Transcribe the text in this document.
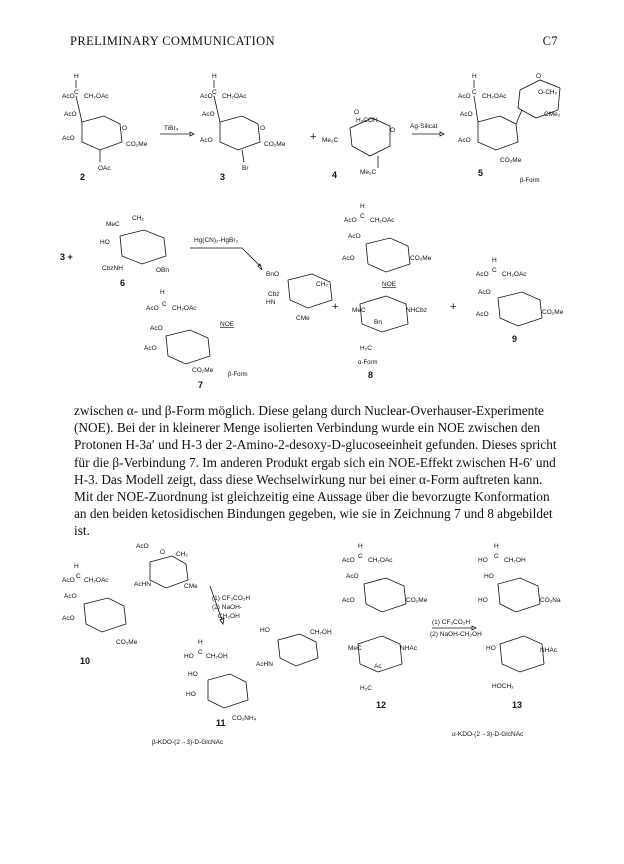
PRELIMINARY COMMUNICATION	C7
H
AcO
C
CH₂OAc
AcO
AcO
O
CO₂Me
OAc
2
TiBr₄
H
AcO
C
CH₂OAc
AcO
AcO
O
CO₂Me
Br
3
+ Me₂C
O
H₂COH
O
Me₂C
4
Ag-Silicat
H
AcO
C
CH₂OAc
AcO
AcO
O
O-CH₂
CMe₂
CO₂Me
5
β-Form
3 +
MeC
CH₂
HO
CbzNH	OBn
6
Hg(CN)₂-HgBr₂
BnO
CH₂
Cbz
HN
CMe
H
AcO
C
CH₂OAc
AcO
AcO
NOE
CO₂Me
7
β-Form
+
H
AcO
C
CH₂OAc
AcO
AcO	CO₂Me
NOE
MeC	NHCbz
Bn
H₂C
α-Form
8
+
H
AcO
C
CH₂OAc
AcO
AcO	CO₂Me
9
zwischen α- und β-Form möglich. Diese gelang durch Nuclear-Overhauser-Experimente
(NOE). Bei der in kleinerer Menge isolierten Verbindung wurde ein NOE zwischen den
Protonen H-3a′ und H-3 der 2-Amino-2-desoxy-D-glucoseeinheit gefunden. Dieses spricht
für die β-Verbindung 7. Im anderen Produkt ergab sich ein NOE-Effekt zwischen H-6′ und
H-3. Das Modell zeigt, dass diese Wechselwirkung nur bei einer α-Form auftreten kann.
Mit der NOE-Zuordnung ist gleichzeitig eine Aussage über die bevorzugte Konformation
an den beiden ketosidischen Bindungen gegeben, wie sie in Zeichnung 7 und 8 abgebildet
ist.
AcO
CH₂
O
CMe
AcHN
H
AcO
C
CH₂OAc
AcO
AcO
CO₂Me
10
(1) CF₃CO₂H
(2) NaOH-
CH₃OH
HO	CH₂OH
AcHN
H
HO
C
CH₂OH
HO
HO
CO₂NH₄
11
β-KDO-(2→3)-D-GlcNAc
H
AcO
C
CH₂OAc
AcO
AcO	CO₂Me
MeC	NHAc
Ac
H₂C
12
(1) CF₃CO₂H
(2) NaOH-CH₃OH
H
HO
C
CH₂OH
HO
HO	CO₂Na
HO	NHAc
HOCH₂
13
α-KDO-(2→3)-D-GlcNAc
